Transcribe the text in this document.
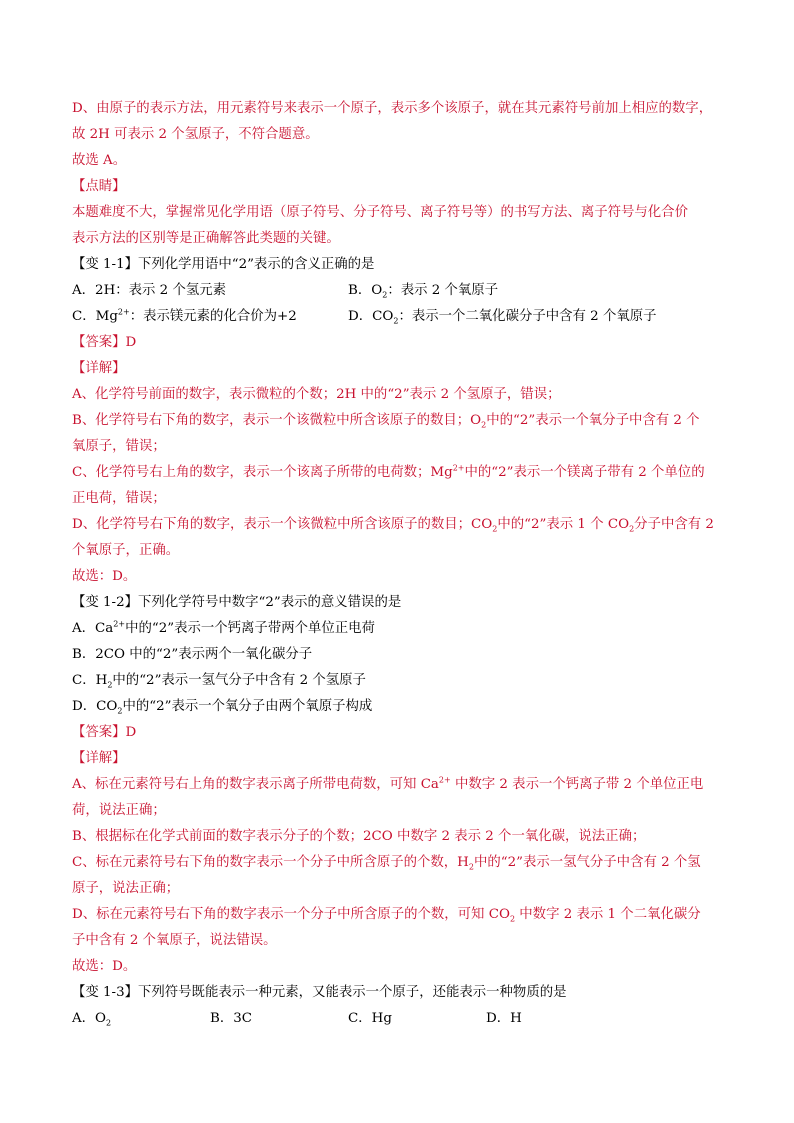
D、由原子的表示方法，用元素符号来表示一个原子，表示多个该原子，就在其元素符号前加上相应的数字，
故 2H 可表示 2 个氢原子，不符合题意。
故选 A。
【点睛】
本题难度不大，掌握常见化学用语（原子符号、分子符号、离子符号等）的书写方法、离子符号与化合价
表示方法的区别等是正确解答此类题的关键。
【变 1-1】下列化学用语中“2”表示的含义正确的是
A．2H：表示 2 个氢元素	B．$O_2$：表示 2 个氧原子
C．$Mg^{2+}$：表示镁元素的化合价为+2	D．$CO_2$：表示一个二氧化碳分子中含有 2 个氧原子
【答案】D
【详解】
A、化学符号前面的数字，表示微粒的个数；2H 中的“2”表示 2 个氢原子，错误；
B、化学符号右下角的数字，表示一个该微粒中所含该原子的数目；$O_2$中的“2”表示一个氧分子中含有 2 个
氧原子，错误；
C、化学符号右上角的数字，表示一个该离子所带的电荷数；$Mg^{2+}$中的“2”表示一个镁离子带有 2 个单位的
正电荷，错误；
D、化学符号右下角的数字，表示一个该微粒中所含该原子的数目；$CO_2$中的“2”表示 1 个 $CO_2$分子中含有 2
个氧原子，正确。
故选：D。
【变 1-2】下列化学符号中数字“2”表示的意义错误的是
A．$Ca^{2+}$中的“2”表示一个钙离子带两个单位正电荷
B．2CO 中的“2”表示两个一氧化碳分子
C．$H_2$中的“2”表示一氢气分子中含有 2 个氢原子
D．$CO_2$中的“2”表示一个氧分子由两个氧原子构成
【答案】D
【详解】
A、标在元素符号右上角的数字表示离子所带电荷数，可知 $Ca^{2+}$ 中数字 2 表示一个钙离子带 2 个单位正电
荷，说法正确；
B、根据标在化学式前面的数字表示分子的个数；2CO 中数字 2 表示 2 个一氧化碳，说法正确；
C、标在元素符号右下角的数字表示一个分子中所含原子的个数，$H_2$中的“2”表示一氢气分子中含有 2 个氢
原子，说法正确；
D、标在元素符号右下角的数字表示一个分子中所含原子的个数，可知 $CO_2$ 中数字 2 表示 1 个二氧化碳分
子中含有 2 个氧原子，说法错误。
故选：D。
【变 1-3】下列符号既能表示一种元素，又能表示一个原子，还能表示一种物质的是
A．$O_2$	B．3C	C．Hg	D．H
